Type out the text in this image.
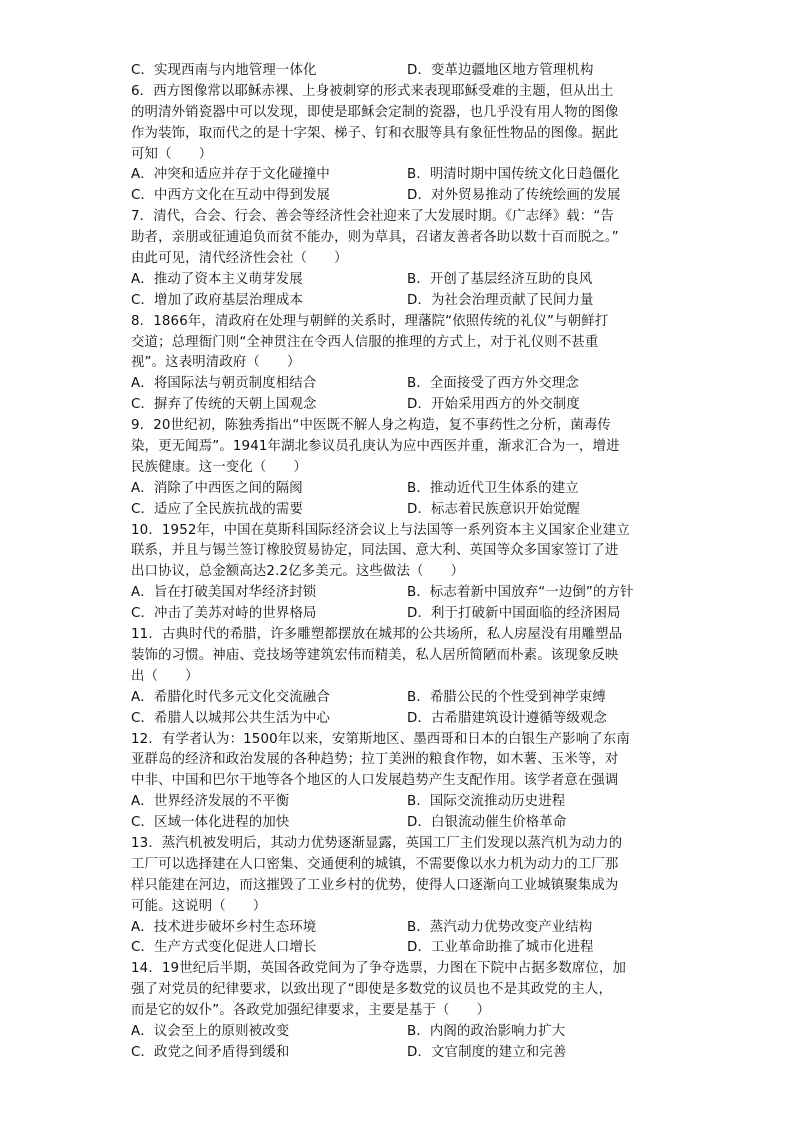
C．实现西南与内地管理一体化	D．变革边疆地区地方管理机构
6．西方图像常以耶稣赤裸、上身被刺穿的形式来表现耶稣受难的主题，但从出土
的明清外销瓷器中可以发现，即使是耶稣会定制的瓷器，也几乎没有用人物的图像
作为装饰，取而代之的是十字架、梯子、钉和衣服等具有象征性物品的图像。据此
可知（　　）
A．冲突和适应并存于文化碰撞中	B．明清时期中国传统文化日趋僵化
C．中西方文化在互动中得到发展	D．对外贸易推动了传统绘画的发展
7．清代，合会、行会、善会等经济性会社迎来了大发展时期。《广志绎》载：“告
助者，亲朋或征逋追负而贫不能办，则为草具，召诸友善者各助以数十百而脱之。”
由此可见，清代经济性会社（　　）
A．推动了资本主义萌芽发展	B．开创了基层经济互助的良风
C．增加了政府基层治理成本	D．为社会治理贡献了民间力量
8．1866年，清政府在处理与朝鲜的关系时，理藩院“依照传统的礼仪”与朝鲜打
交道；总理衙门则“全神贯注在令西人信服的推理的方式上，对于礼仪则不甚重
视”。这表明清政府（　　）
A．将国际法与朝贡制度相结合	B．全面接受了西方外交理念
C．摒弃了传统的天朝上国观念	D．开始采用西方的外交制度
9．20世纪初，陈独秀指出“中医既不解人身之构造，复不事药性之分析，菌毒传
染，更无闻焉”。1941年湖北参议员孔庚认为应中西医并重，渐求汇合为一，增进
民族健康。这一变化（　　）
A．消除了中西医之间的隔阂	B．推动近代卫生体系的建立
C．适应了全民族抗战的需要	D．标志着民族意识开始觉醒
10．1952年，中国在莫斯科国际经济会议上与法国等一系列资本主义国家企业建立
联系，并且与锡兰签订橡胶贸易协定，同法国、意大利、英国等众多国家签订了进
出口协议，总金额高达2.2亿多美元。这些做法（　　）
A．旨在打破美国对华经济封锁	B．标志着新中国放弃“一边倒”的方针
C．冲击了美苏对峙的世界格局	D．利于打破新中国面临的经济困局
11．古典时代的希腊，许多雕塑都摆放在城邦的公共场所，私人房屋没有用雕塑品
装饰的习惯。神庙、竞技场等建筑宏伟而精美，私人居所简陋而朴素。该现象反映
出（　　）
A．希腊化时代多元文化交流融合	B．希腊公民的个性受到神学束缚
C．希腊人以城邦公共生活为中心	D．古希腊建筑设计遵循等级观念
12．有学者认为：1500年以来，安第斯地区、墨西哥和日本的白银生产影响了东南
亚群岛的经济和政治发展的各种趋势；拉丁美洲的粮食作物，如木薯、玉米等，对
中非、中国和巴尔干地等各个地区的人口发展趋势产生支配作用。该学者意在强调
A．世界经济发展的不平衡	B．国际交流推动历史进程
C．区域一体化进程的加快	D．白银流动催生价格革命
13．蒸汽机被发明后，其动力优势逐渐显露，英国工厂主们发现以蒸汽机为动力的
工厂可以选择建在人口密集、交通便利的城镇，不需要像以水力机为动力的工厂那
样只能建在河边，而这摧毁了工业乡村的优势，使得人口逐渐向工业城镇聚集成为
可能。这说明（　　）
A．技术进步破坏乡村生态环境	B．蒸汽动力优势改变产业结构
C．生产方式变化促进人口增长	D．工业革命助推了城市化进程
14．19世纪后半期，英国各政党间为了争夺选票，力图在下院中占据多数席位，加
强了对党员的纪律要求，以致出现了“即使是多数党的议员也不是其政党的主人，
而是它的奴仆”。各政党加强纪律要求，主要是基于（　　）
A．议会至上的原则被改变	B．内阁的政治影响力扩大
C．政党之间矛盾得到缓和	D．文官制度的建立和完善
